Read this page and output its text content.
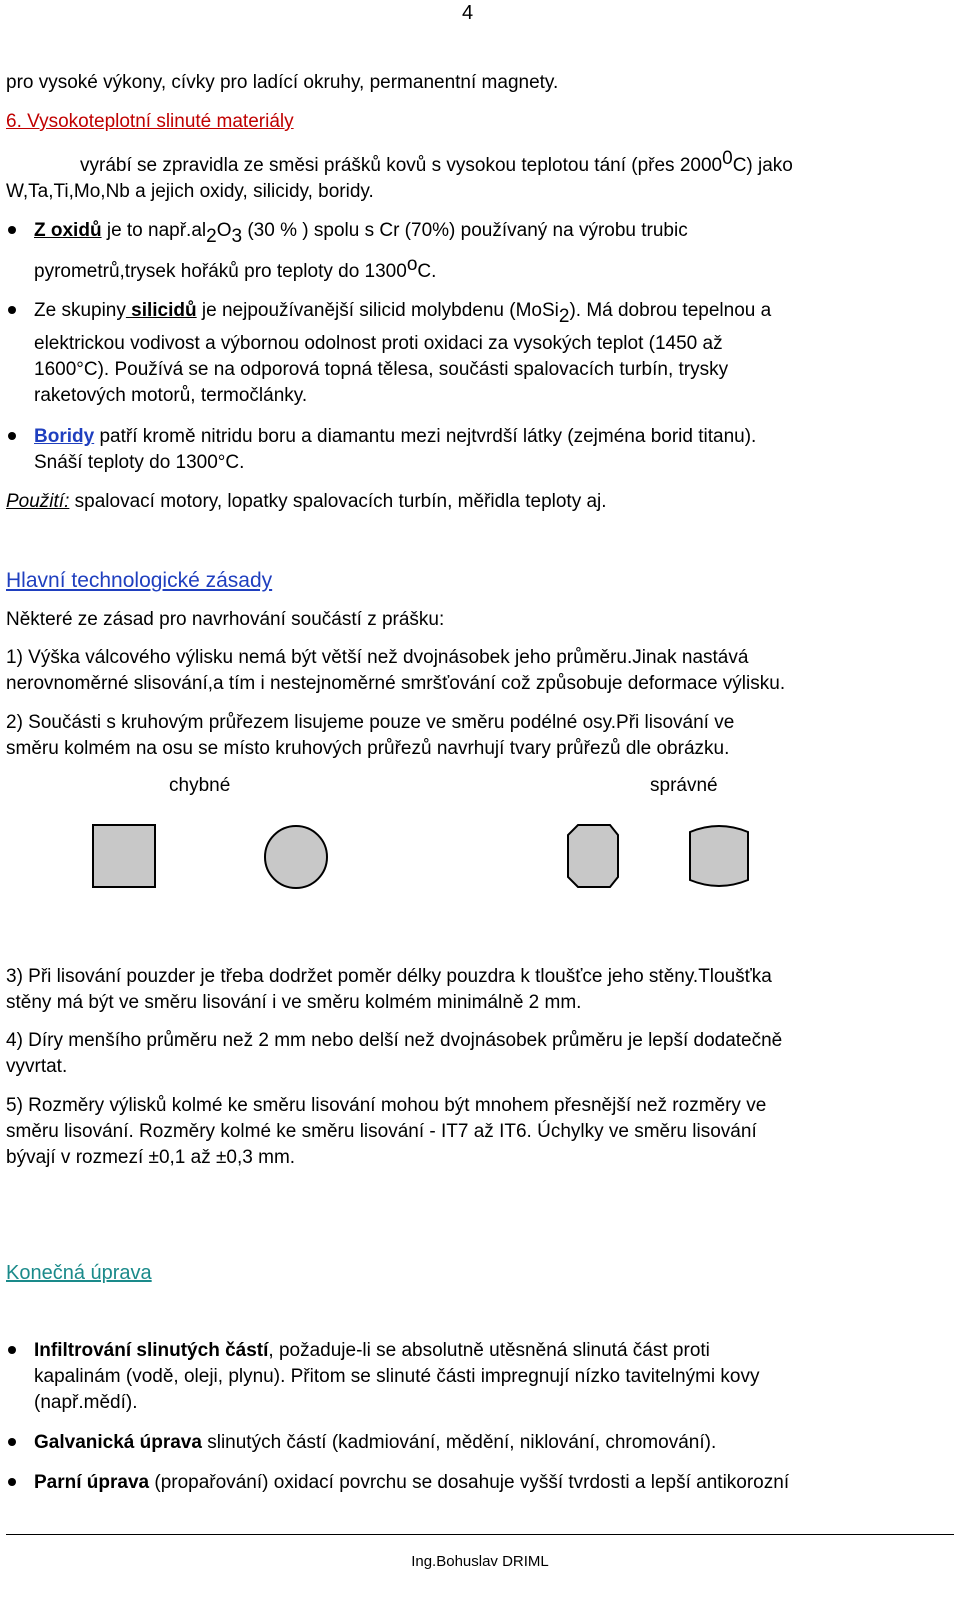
4
pro vysoké výkony, cívky pro ladící okruhy, permanentní magnety.
6. Vysokoteplotní slinuté materiály
vyrábí se zpravidla ze směsi prášků kovů s vysokou teplotou tání (přes 2000$^0$C) jako
W,Ta,Ti,Mo,Nb a jejich oxidy, silicidy, boridy.
Z oxidů je to $např.al_2O_3$ (30 % ) spolu s Cr (70%) používaný na výrobu trubic
pyrometrů,trysek hořáků pro teploty do 1300$^o$C.
Ze skupiny silicidů je nejpoužívanější silicid molybdenu (MoSi$_2$). Má dobrou tepelnou a
elektrickou vodivost a výbornou odolnost proti oxidaci za vysokých teplot (1450 až
1600°C). Používá se na odporová topná tělesa, součásti spalovacích turbín, trysky
raketových motorů, termočlánky.
Boridy patří kromě nitridu boru a diamantu mezi nejtvrdší látky (zejména borid titanu).
Snáší teploty do 1300°C.
Použití: spalovací motory, lopatky spalovacích turbín, měřidla teploty aj.
Hlavní technologické zásady
Některé ze zásad pro navrhování součástí z prášku:
1) Výška válcového výlisku nemá být větší než dvojnásobek jeho průměru.Jinak nastává
nerovnoměrné slisování,a tím i nestejnoměrné smršťování což způsobuje deformace výlisku.
2) Součásti s kruhovým průřezem lisujeme pouze ve směru podélné osy.Při lisování ve
směru kolmém na osu se místo kruhových průřezů navrhují tvary průřezů dle obrázku.
chybné	správné
3) Při lisování pouzder je třeba dodržet poměr délky pouzdra k tloušťce jeho stěny.Tloušťka
stěny má být ve směru lisování i ve směru kolmém minimálně 2 mm.
4) Díry menšího průměru než 2 mm nebo delší než dvojnásobek průměru je lepší dodatečně
vyvrtat.
5) Rozměry výlisků kolmé ke směru lisování mohou být mnohem přesnější než rozměry ve
směru lisování. Rozměry kolmé ke směru lisování - IT7 až IT6. Úchylky ve směru lisování
bývají v rozmezí ±0,1 až ±0,3 mm.
Konečná úprava
Infiltrování slinutých částí, požaduje-li se absolutně utěsněná slinutá část proti
kapalinám (vodě, oleji, plynu). Přitom se slinuté části impregnují nízko tavitelnými kovy
(např.mědí).
Galvanická úprava slinutých částí (kadmiování, mědění, niklování, chromování).
Parní úprava (propařování) oxidací povrchu se dosahuje vyšší tvrdosti a lepší antikorozní
Ing.Bohuslav DRIML
